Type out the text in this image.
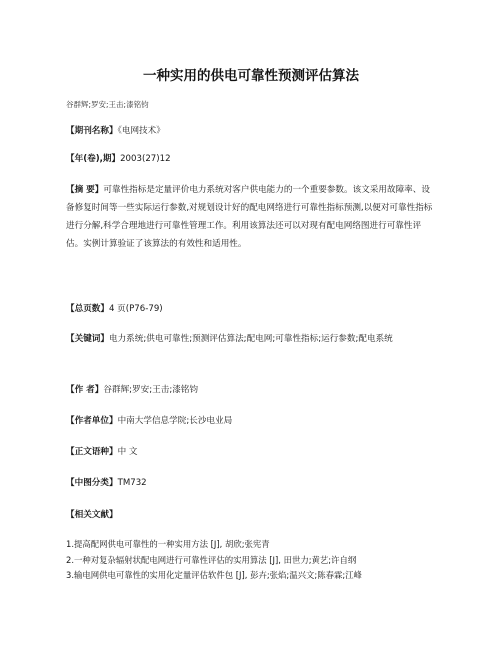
一种实用的供电可靠性预测评估算法
谷群辉;罗安;王击;漆铭钧
【期刊名称】《电网技术》
【年(卷),期】2003(27)12
【摘 要】可靠性指标是定量评价电力系统对客户供电能力的一个重要参数。该文采用故障率、设备修复时间等一些实际运行参数,对规划设计好的配电网络进行可靠性指标预测,以便对可靠性指标进行分解,科学合理地进行可靠性管理工作。利用该算法还可以对现有配电网络图进行可靠性评估。实例计算验证了该算法的有效性和适用性。
【总页数】4 页(P76-79)
【关键词】电力系统;供电可靠性;预测评估算法;配电网;可靠性指标;运行参数;配电系统
【作 者】谷群辉;罗安;王击;漆铭钧
【作者单位】中南大学信息学院;长沙电业局
【正文语种】中 文
【中图分类】TM732
【相关文献】
1.提高配网供电可靠性的一种实用方法 [J], 胡欣;张宪青
2.一种对复杂辐射状配电网进行可靠性评估的实用算法 [J], 田世力;黄艺;许自纲
3.输电网供电可靠性的实用化定量评估软件包 [J], 彭卉;张焰;温兴文;陈春霖;江峰
